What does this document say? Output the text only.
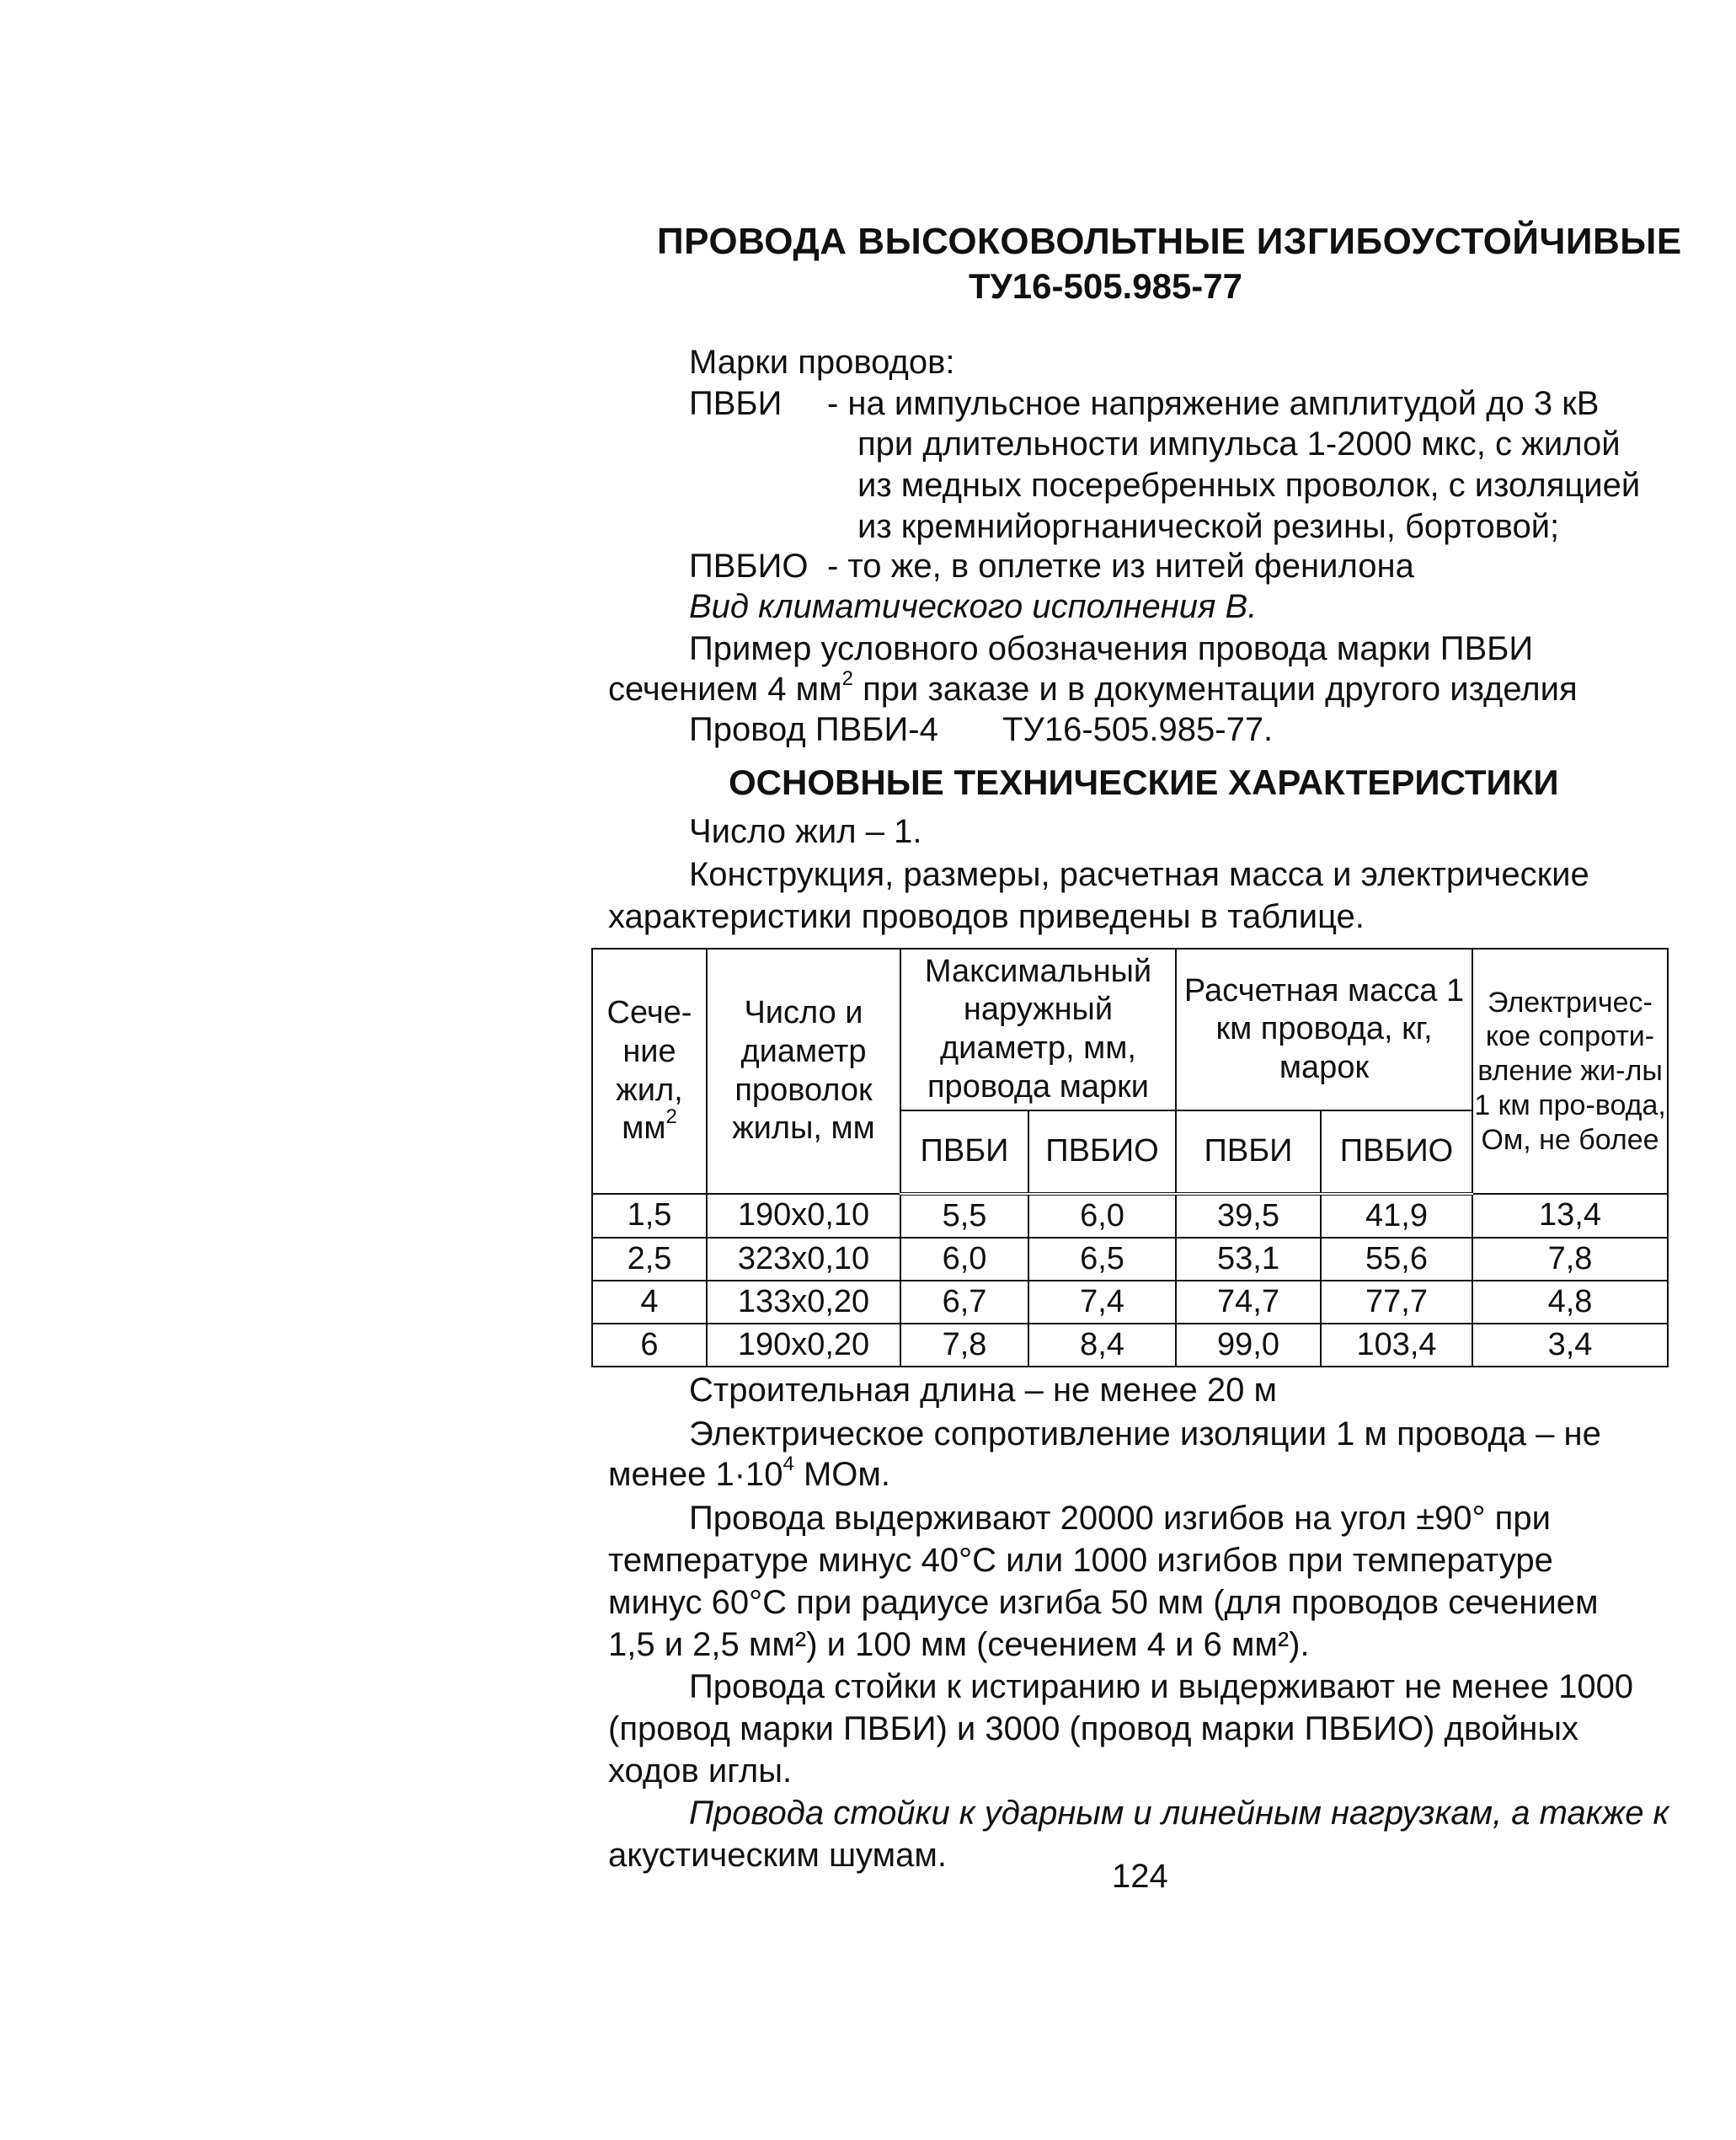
ПРОВОДА ВЫСОКОВОЛЬТНЫЕ ИЗГИБОУСТОЙЧИВЫЕ
ТУ16-505.985-77
Марки проводов:
ПВБИ - на импульсное напряжение амплитудой до 3 кВ
при длительности импульса 1-2000 мкс, с жилой
из медных посеребренных проволок, с изоляцией
из кремнийоргнанической резины, бортовой;
ПВБИО - то же, в оплетке из нитей фенилона
Вид климатического исполнения В.
Пример условного обозначения провода марки ПВБИ
сечением 4 $мм^2$ при заказе и в документации другого изделия
Провод ПВБИ-4 ТУ16-505.985-77.
ОСНОВНЫЕ ТЕХНИЧЕСКИЕ ХАРАКТЕРИСТИКИ
Число жил – 1.
Конструкция, размеры, расчетная масса и электрические
характеристики проводов приведены в таблице.
Сече-ние жил, $мм^2$	Число и диаметр проволок жилы, мм	Максимальный наружный диаметр, мм, провода марки		Расчетная масса 1 км провода, кг, марок		Электричес-кое сопроти-вление жи-лы 1 км про-вода, Ом, не более
		ПВБИ	ПВБИО	ПВБИ	ПВБИО	
1,5	190х0,10	5,5	6,0	39,5	41,9	13,4
2,5	323х0,10	6,0	6,5	53,1	55,6	7,8
4	133х0,20	6,7	7,4	74,7	77,7	4,8
6	190х0,20	7,8	8,4	99,0	103,4	3,4
Строительная длина – не менее 20 м
Электрическое сопротивление изоляции 1 м провода – не
менее $1\cdot 10^4$ МОм.
Провода выдерживают 20000 изгибов на угол ±90° при
температуре минус 40°С или 1000 изгибов при температуре
минус 60°С при радиусе изгиба 50 мм (для проводов сечением
1,5 и 2,5 мм²) и 100 мм (сечением 4 и 6 мм²).
Провода стойки к истиранию и выдерживают не менее 1000
(провод марки ПВБИ) и 3000 (провод марки ПВБИО) двойных
ходов иглы.
Провода стойки к ударным и линейным нагрузкам, а также к
акустическим шумам.
124
